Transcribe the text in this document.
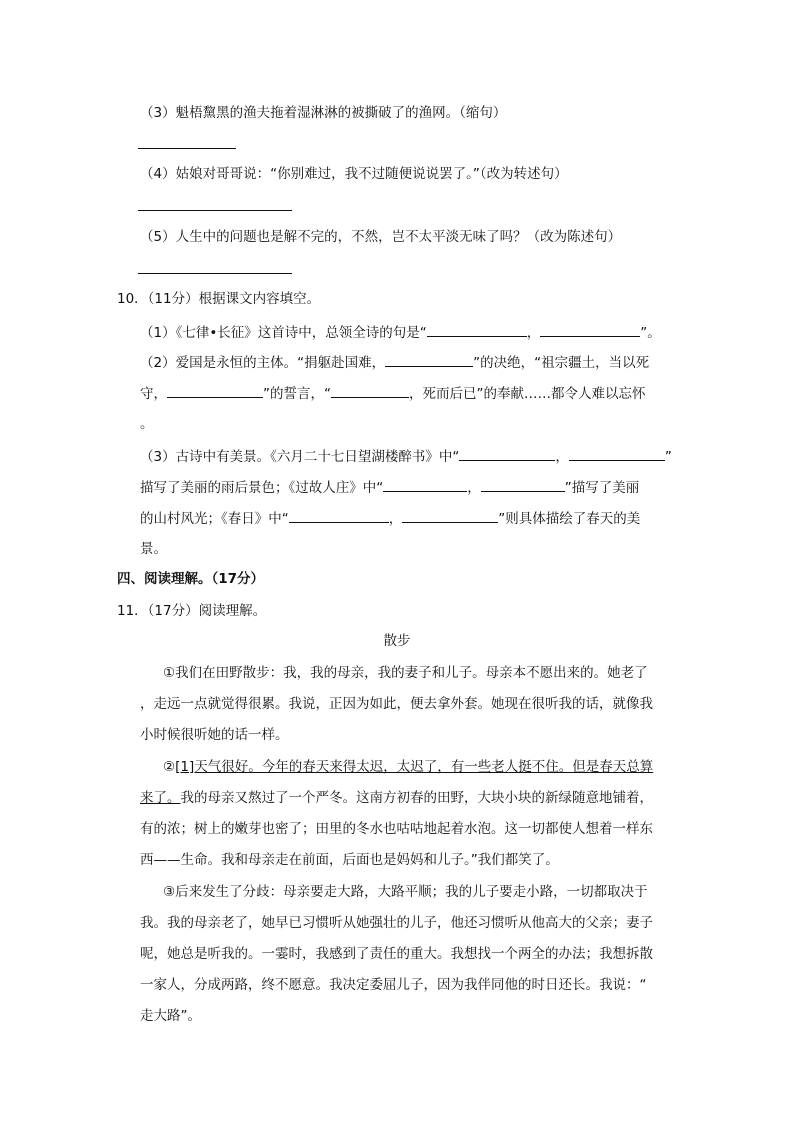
（3）魁梧黧黑的渔夫拖着湿淋淋的被撕破了的渔网。（缩句）
（4）姑娘对哥哥说：“你别难过，我不过随便说说罢了。”（改为转述句）
（5）人生中的问题也是解不完的，不然，岂不太平淡无味了吗？（改为陈述句）
10．（11分）根据课文内容填空。
（1）《七律•长征》这首诗中，总领全诗的句是“	，	”。
（2）爱国是永恒的主体。“捐躯赴国难，	”的决绝，“祖宗疆土，当以死
守，	”的誓言，“	，死而后已”的奉献……都令人难以忘怀
。
（3）古诗中有美景。《六月二十七日望湖楼醉书》中“	，	”
描写了美丽的雨后景色；《过故人庄》中“	，	”描写了美丽
的山村风光；《春日》中“	，	”则具体描绘了春天的美
景。
四、阅读理解。（17分）
11．（17分）阅读理解。
散步
①我们在田野散步：我，我的母亲，我的妻子和儿子。母亲本不愿出来的。她老了
，走远一点就觉得很累。我说，正因为如此，便去拿外套。她现在很听我的话，就像我
小时候很听她的话一样。
②[1]天气很好。今年的春天来得太迟，太迟了，有一些老人挺不住。但是春天总算
来了。我的母亲又熬过了一个严冬。这南方初春的田野，大块小块的新绿随意地铺着，
有的浓；树上的嫩芽也密了；田里的冬水也咕咕地起着水泡。这一切都使人想着一样东
西——生命。我和母亲走在前面，后面也是妈妈和儿子。”我们都笑了。
③后来发生了分歧：母亲要走大路，大路平顺；我的儿子要走小路，一切都取决于
我。我的母亲老了，她早已习惯听从她强壮的儿子，他还习惯听从他高大的父亲；妻子
呢，她总是听我的。一霎时，我感到了责任的重大。我想找一个两全的办法；我想拆散
一家人，分成两路，终不愿意。我决定委屈儿子，因为我伴同他的时日还长。我说：“
走大路”。
